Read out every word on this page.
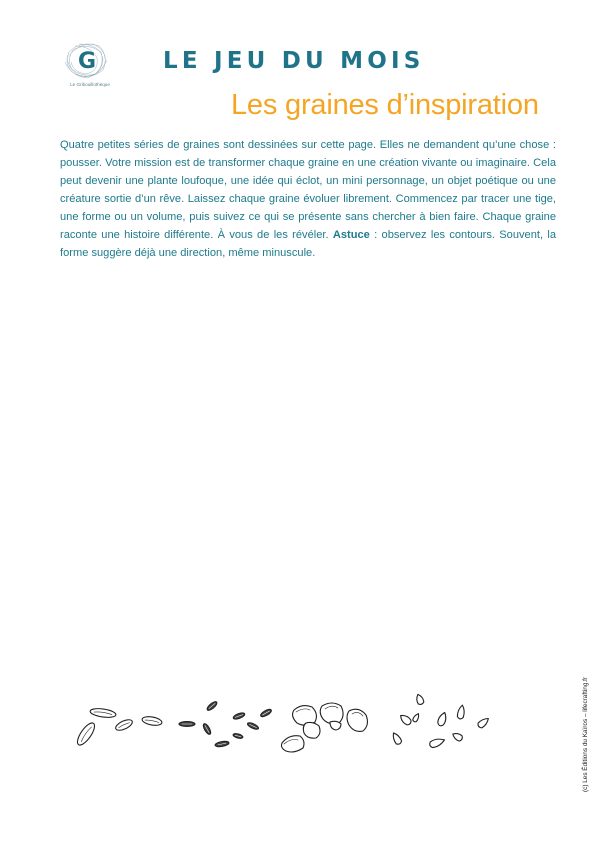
G
Le Gribouillothèque
LE JEU DU MOIS
Les graines d’inspiration

Quatre petites séries de graines sont dessinées sur cette page. Elles ne demandent qu’une chose : pousser. Votre mission est de transformer chaque graine en une création vivante ou imaginaire. Cela peut devenir une plante loufoque, une idée qui éclot, un mini personnage, un objet poétique ou une créature sortie d’un rêve. Laissez chaque graine évoluer librement. Commencez par tracer une tige, une forme ou un volume, puis suivez ce qui se présente sans chercher à bien faire. Chaque graine raconte une histoire différente. À vous de les révéler. Astuce : observez les contours. Souvent, la forme suggère déjà une direction, même minuscule.

(c) Les Éditions du Kaïros – lifecrafting.fr
